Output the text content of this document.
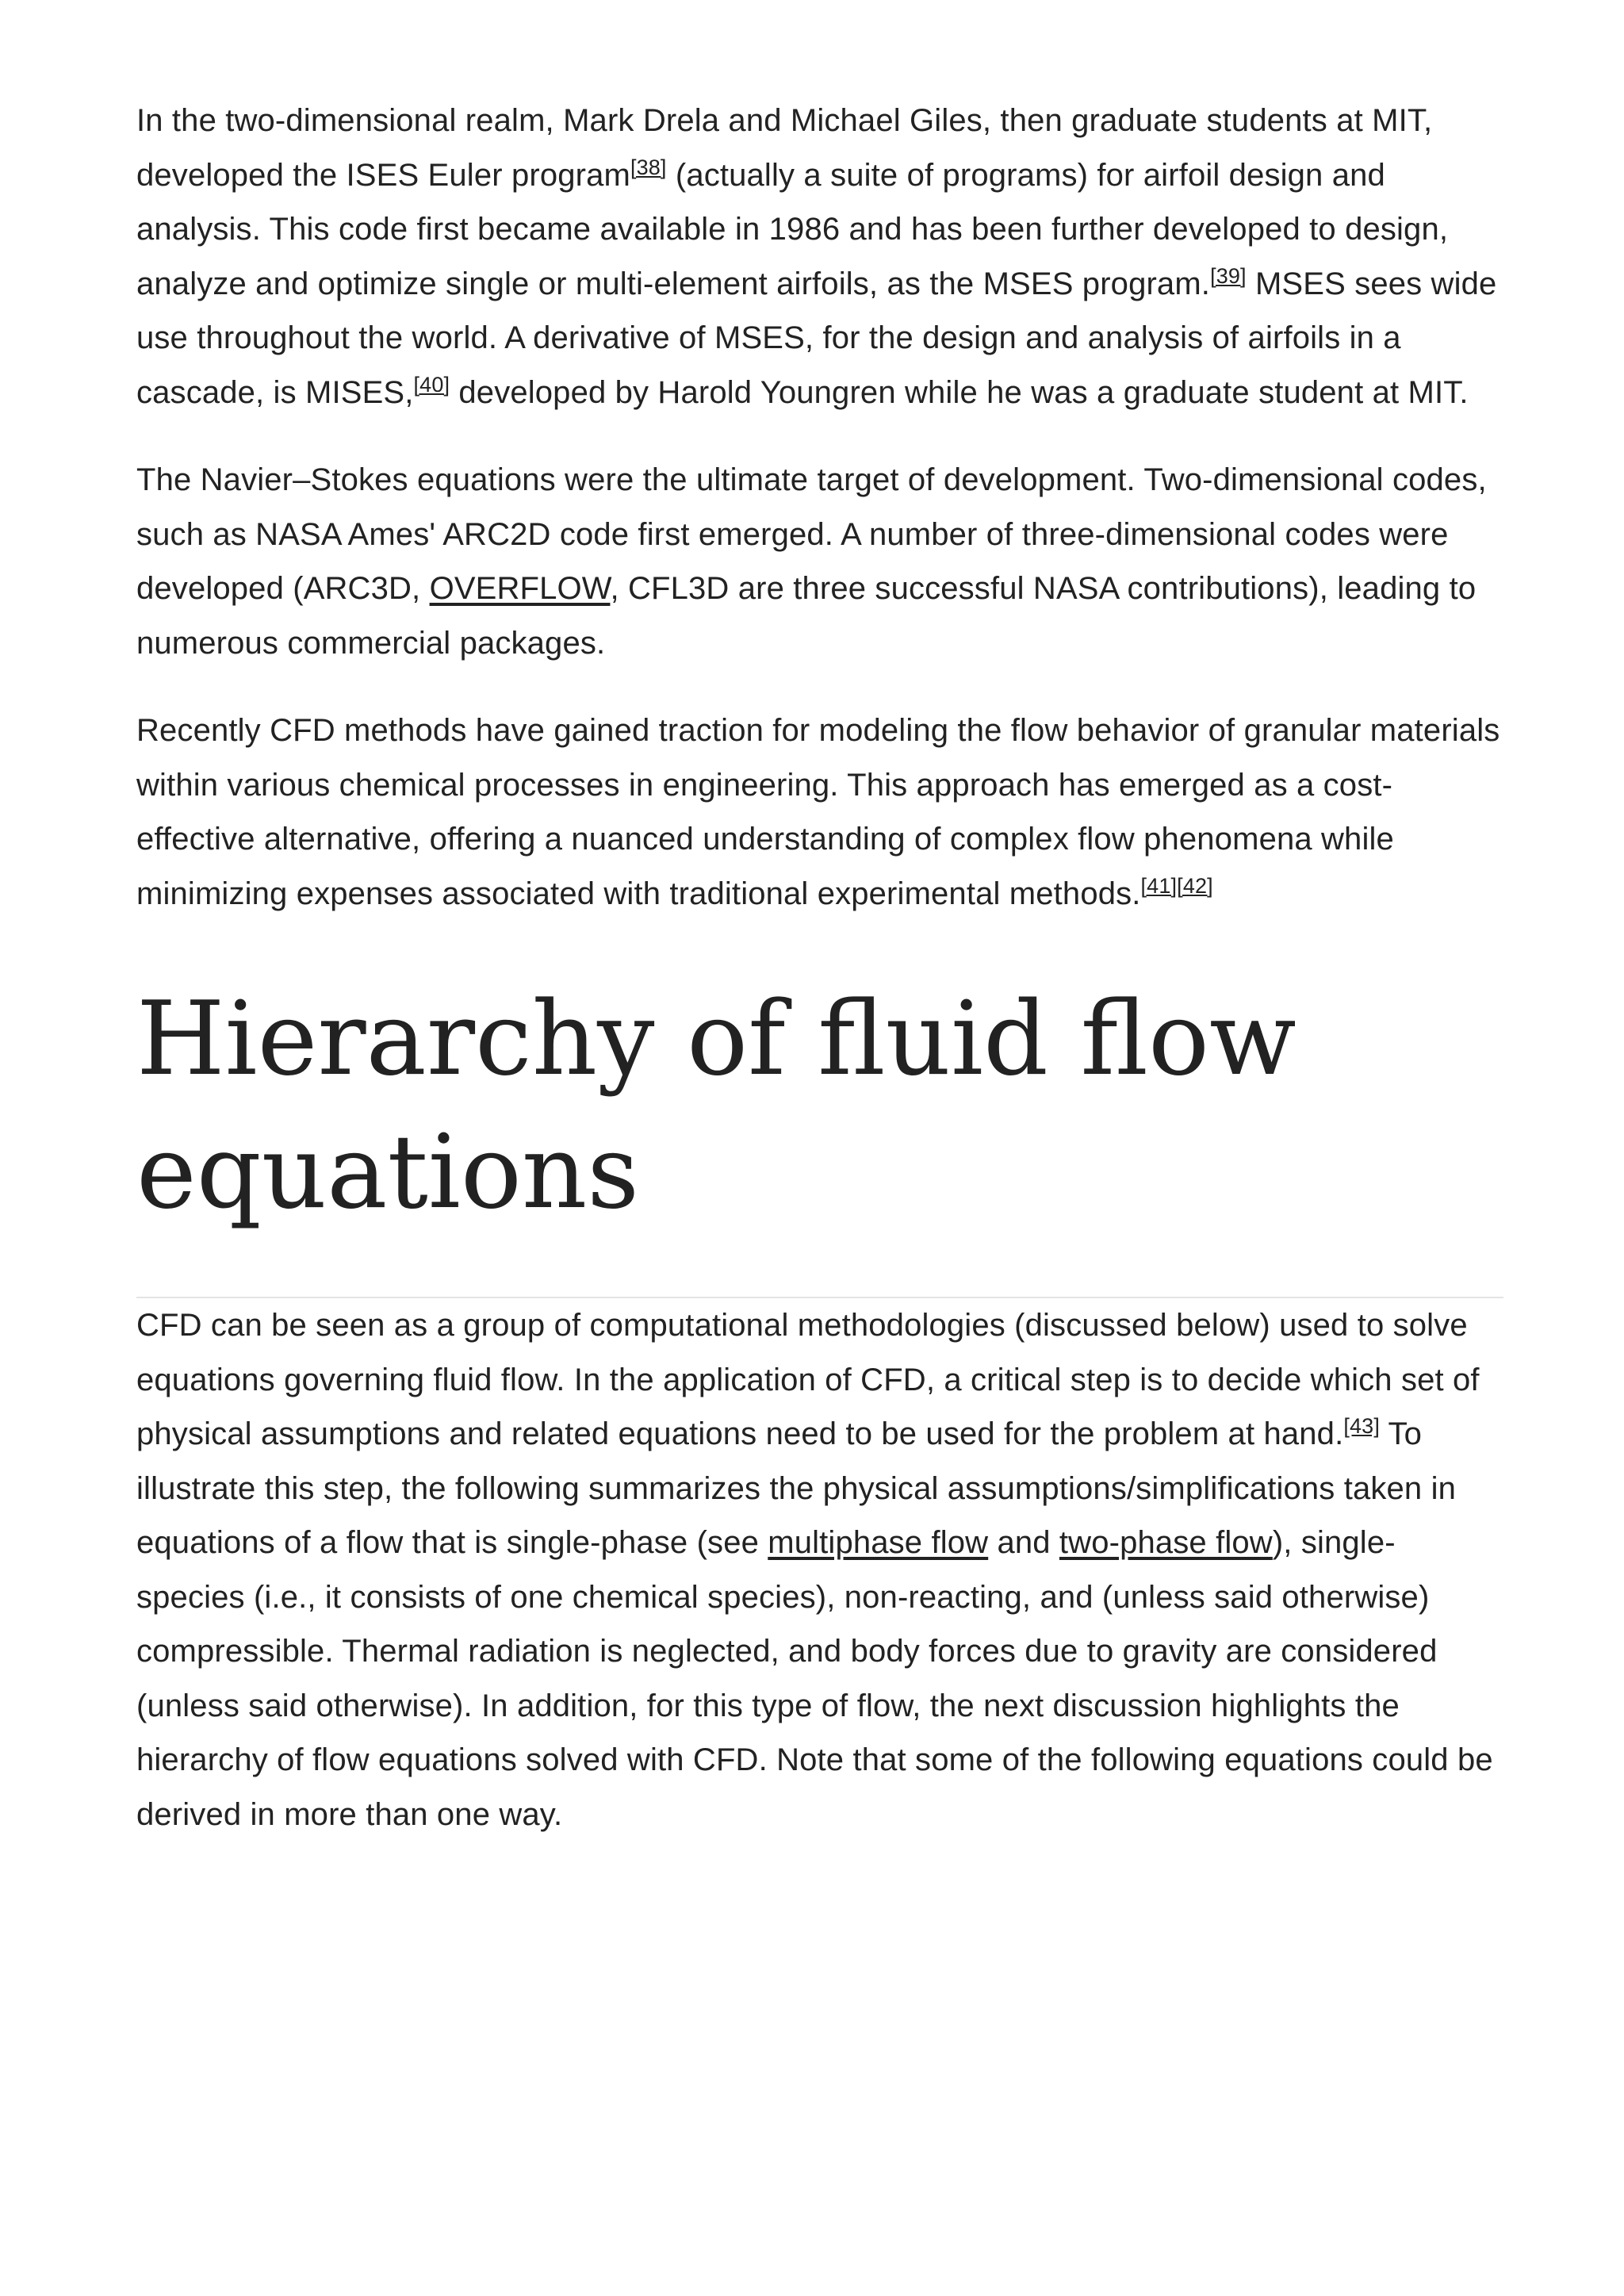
In the two-dimensional realm, Mark Drela and Michael Giles, then graduate students at MIT, developed the ISES Euler program[38] (actually a suite of programs) for airfoil design and analysis. This code first became available in 1986 and has been further developed to design, analyze and optimize single or multi-element airfoils, as the MSES program.[39] MSES sees wide use throughout the world. A derivative of MSES, for the design and analysis of airfoils in a cascade, is MISES,[40] developed by Harold Youngren while he was a graduate student at MIT.

The Navier–Stokes equations were the ultimate target of development. Two-dimensional codes, such as NASA Ames' ARC2D code first emerged. A number of three-dimensional codes were developed (ARC3D, OVERFLOW, CFL3D are three successful NASA contributions), leading to numerous commercial packages.

Recently CFD methods have gained traction for modeling the flow behavior of granular materials within various chemical processes in engineering. This approach has emerged as a cost-effective alternative, offering a nuanced understanding of complex flow phenomena while minimizing expenses associated with traditional experimental methods.[41][42]

Hierarchy of fluid flow equations

CFD can be seen as a group of computational methodologies (discussed below) used to solve equations governing fluid flow. In the application of CFD, a critical step is to decide which set of physical assumptions and related equations need to be used for the problem at hand.[43] To illustrate this step, the following summarizes the physical assumptions/simplifications taken in equations of a flow that is single-phase (see multiphase flow and two-phase flow), single-species (i.e., it consists of one chemical species), non-reacting, and (unless said otherwise) compressible. Thermal radiation is neglected, and body forces due to gravity are considered (unless said otherwise). In addition, for this type of flow, the next discussion highlights the hierarchy of flow equations solved with CFD. Note that some of the following equations could be derived in more than one way.
